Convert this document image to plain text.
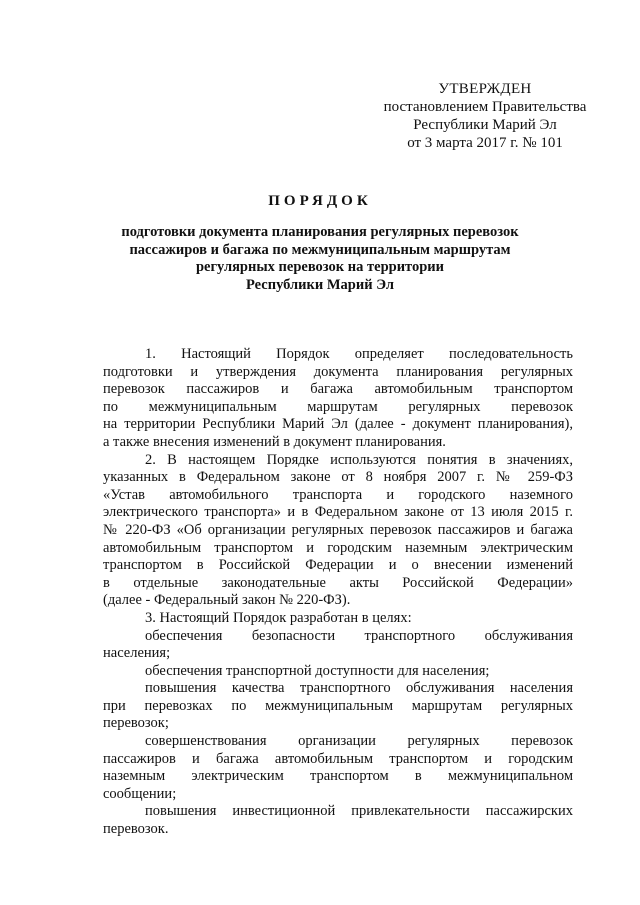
УТВЕРЖДЕН
постановлением Правительства
Республики Марий Эл
от 3 марта 2017 г. № 101
ПОРЯДОК
подготовки документа планирования регулярных перевозок
пассажиров и багажа по межмуниципальным маршрутам
регулярных перевозок на территории
Республики Марий Эл
1. Настоящий Порядок определяет последовательность
подготовки и утверждения документа планирования регулярных
перевозок пассажиров и багажа автомобильным транспортом
по межмуниципальным маршрутам регулярных перевозок
на территории Республики Марий Эл (далее - документ планирования),
а также внесения изменений в документ планирования.
2. В настоящем Порядке используются понятия в значениях,
указанных в Федеральном законе от 8 ноября 2007 г. № 259-ФЗ
«Устав автомобильного транспорта и городского наземного
электрического транспорта» и в Федеральном законе от 13 июля 2015 г.
№ 220-ФЗ «Об организации регулярных перевозок пассажиров и багажа
автомобильным транспортом и городским наземным электрическим
транспортом в Российской Федерации и о внесении изменений
в отдельные законодательные акты Российской Федерации»
(далее - Федеральный закон № 220-ФЗ).
3. Настоящий Порядок разработан в целях:
обеспечения безопасности транспортного обслуживания
населения;
обеспечения транспортной доступности для населения;
повышения качества транспортного обслуживания населения
при перевозках по межмуниципальным маршрутам регулярных
перевозок;
совершенствования организации регулярных перевозок
пассажиров и багажа автомобильным транспортом и городским
наземным электрическим транспортом в межмуниципальном
сообщении;
повышения инвестиционной привлекательности пассажирских
перевозок.
